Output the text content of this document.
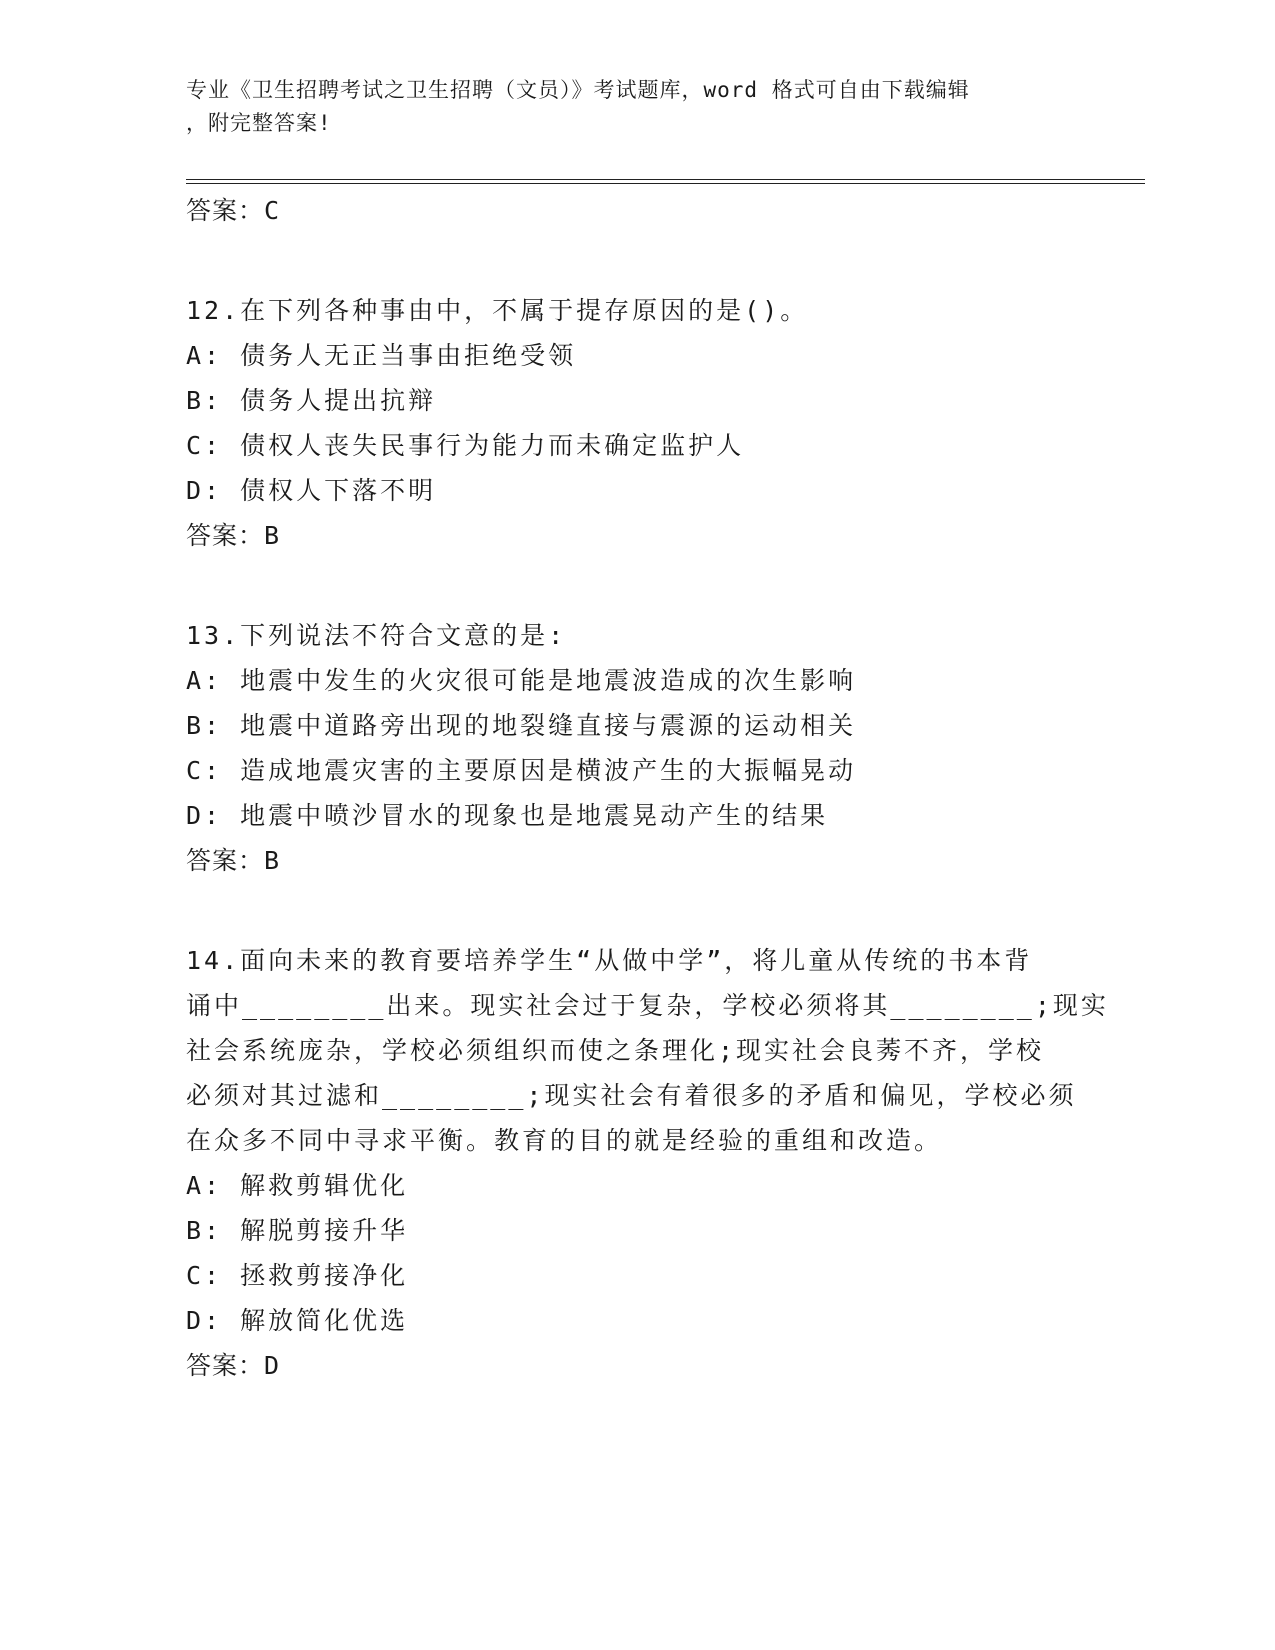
专业《卫生招聘考试之卫生招聘（文员）》考试题库，word 格式可自由下载编辑
，附完整答案!
答案：C
12.在下列各种事由中，不属于提存原因的是()。
A: 债务人无正当事由拒绝受领
B: 债务人提出抗辩
C: 债权人丧失民事行为能力而未确定监护人
D: 债权人下落不明
答案：B
13.下列说法不符合文意的是:
A: 地震中发生的火灾很可能是地震波造成的次生影响
B: 地震中道路旁出现的地裂缝直接与震源的运动相关
C: 造成地震灾害的主要原因是横波产生的大振幅晃动
D: 地震中喷沙冒水的现象也是地震晃动产生的结果
答案：B
14.面向未来的教育要培养学生“从做中学”，将儿童从传统的书本背
诵中________出来。现实社会过于复杂，学校必须将其________;现实
社会系统庞杂，学校必须组织而使之条理化;现实社会良莠不齐，学校
必须对其过滤和________;现实社会有着很多的矛盾和偏见，学校必须
在众多不同中寻求平衡。教育的目的就是经验的重组和改造。
A: 解救剪辑优化
B: 解脱剪接升华
C: 拯救剪接净化
D: 解放简化优选
答案：D
